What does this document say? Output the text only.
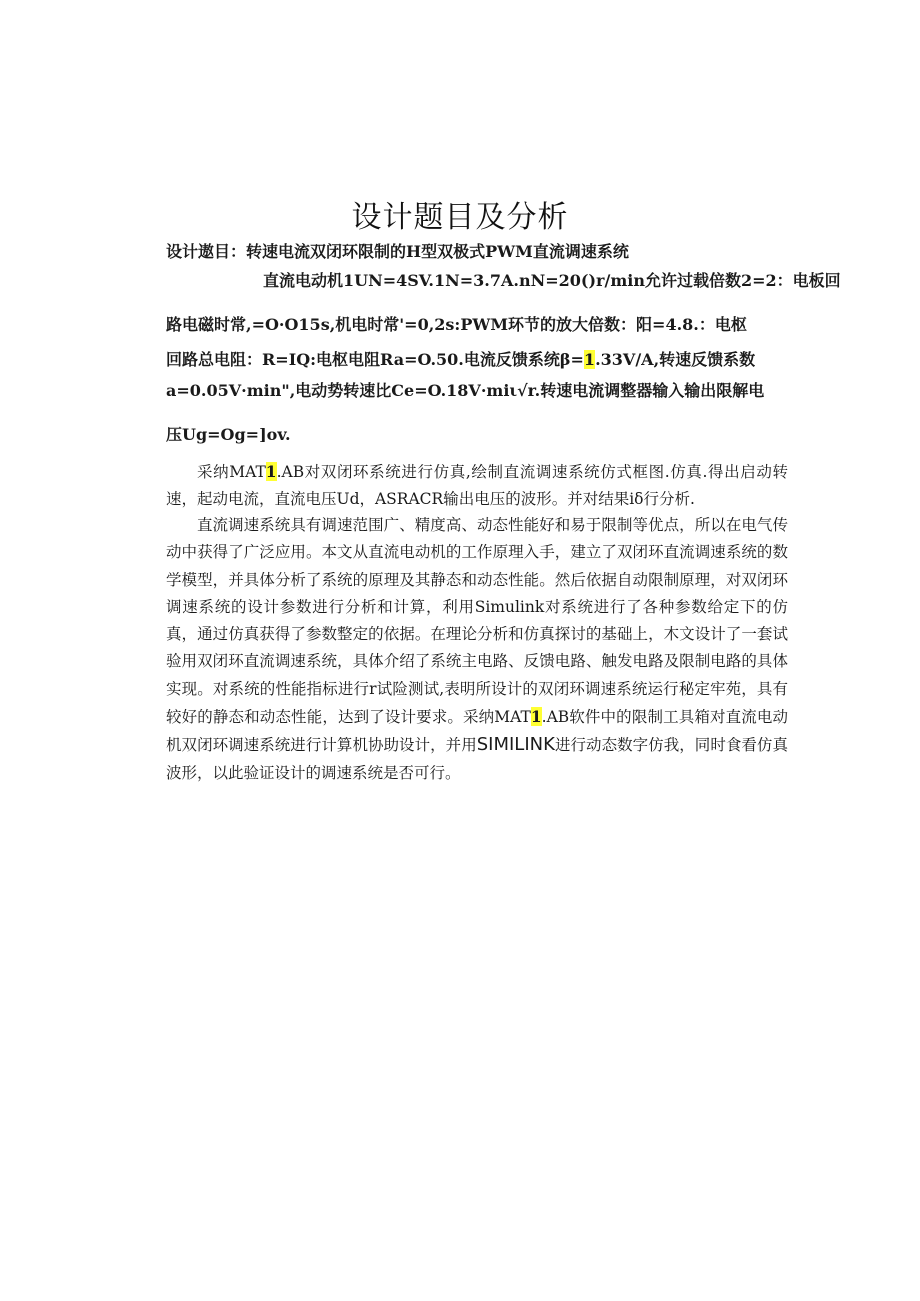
设计题目及分析
设计遨目：转速电流双闭环限制的H型双极式PWM直流调速系统
直流电动机1UN=4SV.1N=3.7A.nN=20()r∕min允许过载倍数2=2：电板回
路电磁时常,=O·O15s,机电时常'=0,2s:PWM环节的放大倍数：阳=4.8.：电枢
回路总电阻：R=IQ:电枢电阻Ra=O.50.电流反馈系统β=1.33V∕A,转速反馈系数
a=0.05V·min",电动势转速比Ce=O.18V·miι√r.转速电流调整器输入输出限解电
压Ug=Og=]ov.
采纳MAT1.AB对双闭环系统进行仿真,绘制直流调速系统仿式框图.仿真.得出启动转速，起动电流，直流电压Ud，ASRACR输出电压的波形。并对结果iδ行分析.
直流调速系统具有调速范围广、精度高、动态性能好和易于限制等优点，所以在电气传动中获得了广泛应用。本文从直流电动机的工作原理入手，建立了双闭环直流调速系统的数学模型，并具体分析了系统的原理及其静态和动态性能。然后依据自动限制原理，对双闭环调速系统的设计参数进行分析和计算，利用Simulink对系统进行了各种参数给定下的仿真，通过仿真获得了参数整定的依据。在理论分析和仿真探讨的基础上，木文设计了一套试验用双闭环直流调速系统，具体介绍了系统主电路、反馈电路、触发电路及限制电路的具体实现。对系统的性能指标进行r试险测试,表明所设计的双闭环调速系统运行秘定牢苑，具有较好的静态和动态性能，达到了设计要求。采纳MAT1.AB软件中的限制工具箱对直流电动机双闭环调速系统进行计算机协助设计，并用SIMILINK进行动态数字仿我，同时食看仿真波形，以此验证设计的调速系统是否可行。
